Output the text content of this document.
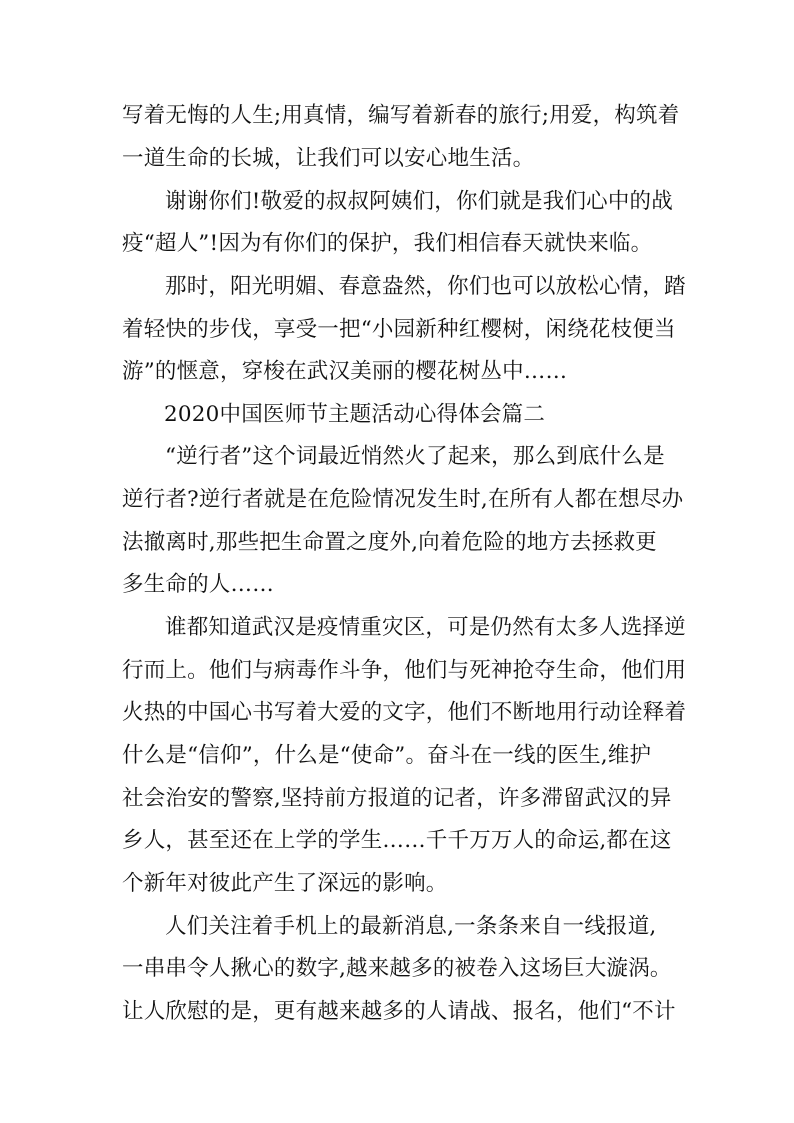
写着无悔的人生;用真情，编写着新春的旅行;用爱，构筑着
一道生命的长城，让我们可以安心地生活。
谢谢你们!敬爱的叔叔阿姨们，你们就是我们心中的战
疫“超人”!因为有你们的保护，我们相信春天就快来临。
那时，阳光明媚、春意盎然，你们也可以放松心情，踏
着轻快的步伐，享受一把“小园新种红樱树，闲绕花枝便当
游”的惬意，穿梭在武汉美丽的樱花树丛中……
2020中国医师节主题活动心得体会篇二
“逆行者”这个词最近悄然火了起来，那么到底什么是
逆行者?逆行者就是在危险情况发生时,在所有人都在想尽办
法撤离时,那些把生命置之度外,向着危险的地方去拯救更
多生命的人……
谁都知道武汉是疫情重灾区，可是仍然有太多人选择逆
行而上。他们与病毒作斗争，他们与死神抢夺生命，他们用
火热的中国心书写着大爱的文字，他们不断地用行动诠释着
什么是“信仰”，什么是“使命”。奋斗在一线的医生,维护
社会治安的警察,坚持前方报道的记者，许多滞留武汉的异
乡人，甚至还在上学的学生……千千万万人的命运,都在这
个新年对彼此产生了深远的影响。
人们关注着手机上的最新消息,一条条来自一线报道,
一串串令人揪心的数字,越来越多的被卷入这场巨大漩涡。
让人欣慰的是，更有越来越多的人请战、报名，他们“不计
